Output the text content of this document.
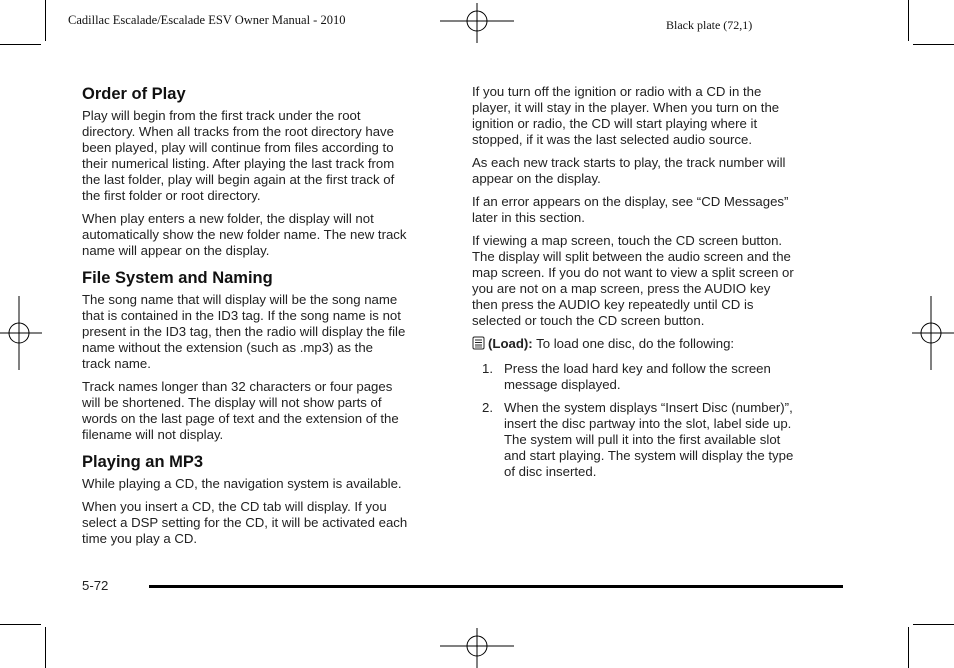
Cadillac Escalade/Escalade ESV Owner Manual - 2010	Black plate (72,1)
Order of Play

Play will begin from the first track under the root
directory. When all tracks from the root directory have
been played, play will continue from files according to
their numerical listing. After playing the last track from
the last folder, play will begin again at the first track of
the first folder or root directory.

When play enters a new folder, the display will not
automatically show the new folder name. The new track
name will appear on the display.

File System and Naming

The song name that will display will be the song name
that is contained in the ID3 tag. If the song name is not
present in the ID3 tag, then the radio will display the file
name without the extension (such as .mp3) as the
track name.

Track names longer than 32 characters or four pages
will be shortened. The display will not show parts of
words on the last page of text and the extension of the
filename will not display.

Playing an MP3

While playing a CD, the navigation system is available.

When you insert a CD, the CD tab will display. If you
select a DSP setting for the CD, it will be activated each
time you play a CD.

If you turn off the ignition or radio with a CD in the
player, it will stay in the player. When you turn on the
ignition or radio, the CD will start playing where it
stopped, if it was the last selected audio source.

As each new track starts to play, the track number will
appear on the display.

If an error appears on the display, see “CD Messages”
later in this section.

If viewing a map screen, touch the CD screen button.
The display will split between the audio screen and the
map screen. If you do not want to view a split screen or
you are not on a map screen, press the AUDIO key
then press the AUDIO key repeatedly until CD is
selected or touch the CD screen button.

(Load): To load one disc, do the following:
1. Press the load hard key and follow the screen
message displayed.
2. When the system displays “Insert Disc (number)”,
insert the disc partway into the slot, label side up.
The system will pull it into the first available slot
and start playing. The system will display the type
of disc inserted.
5-72
